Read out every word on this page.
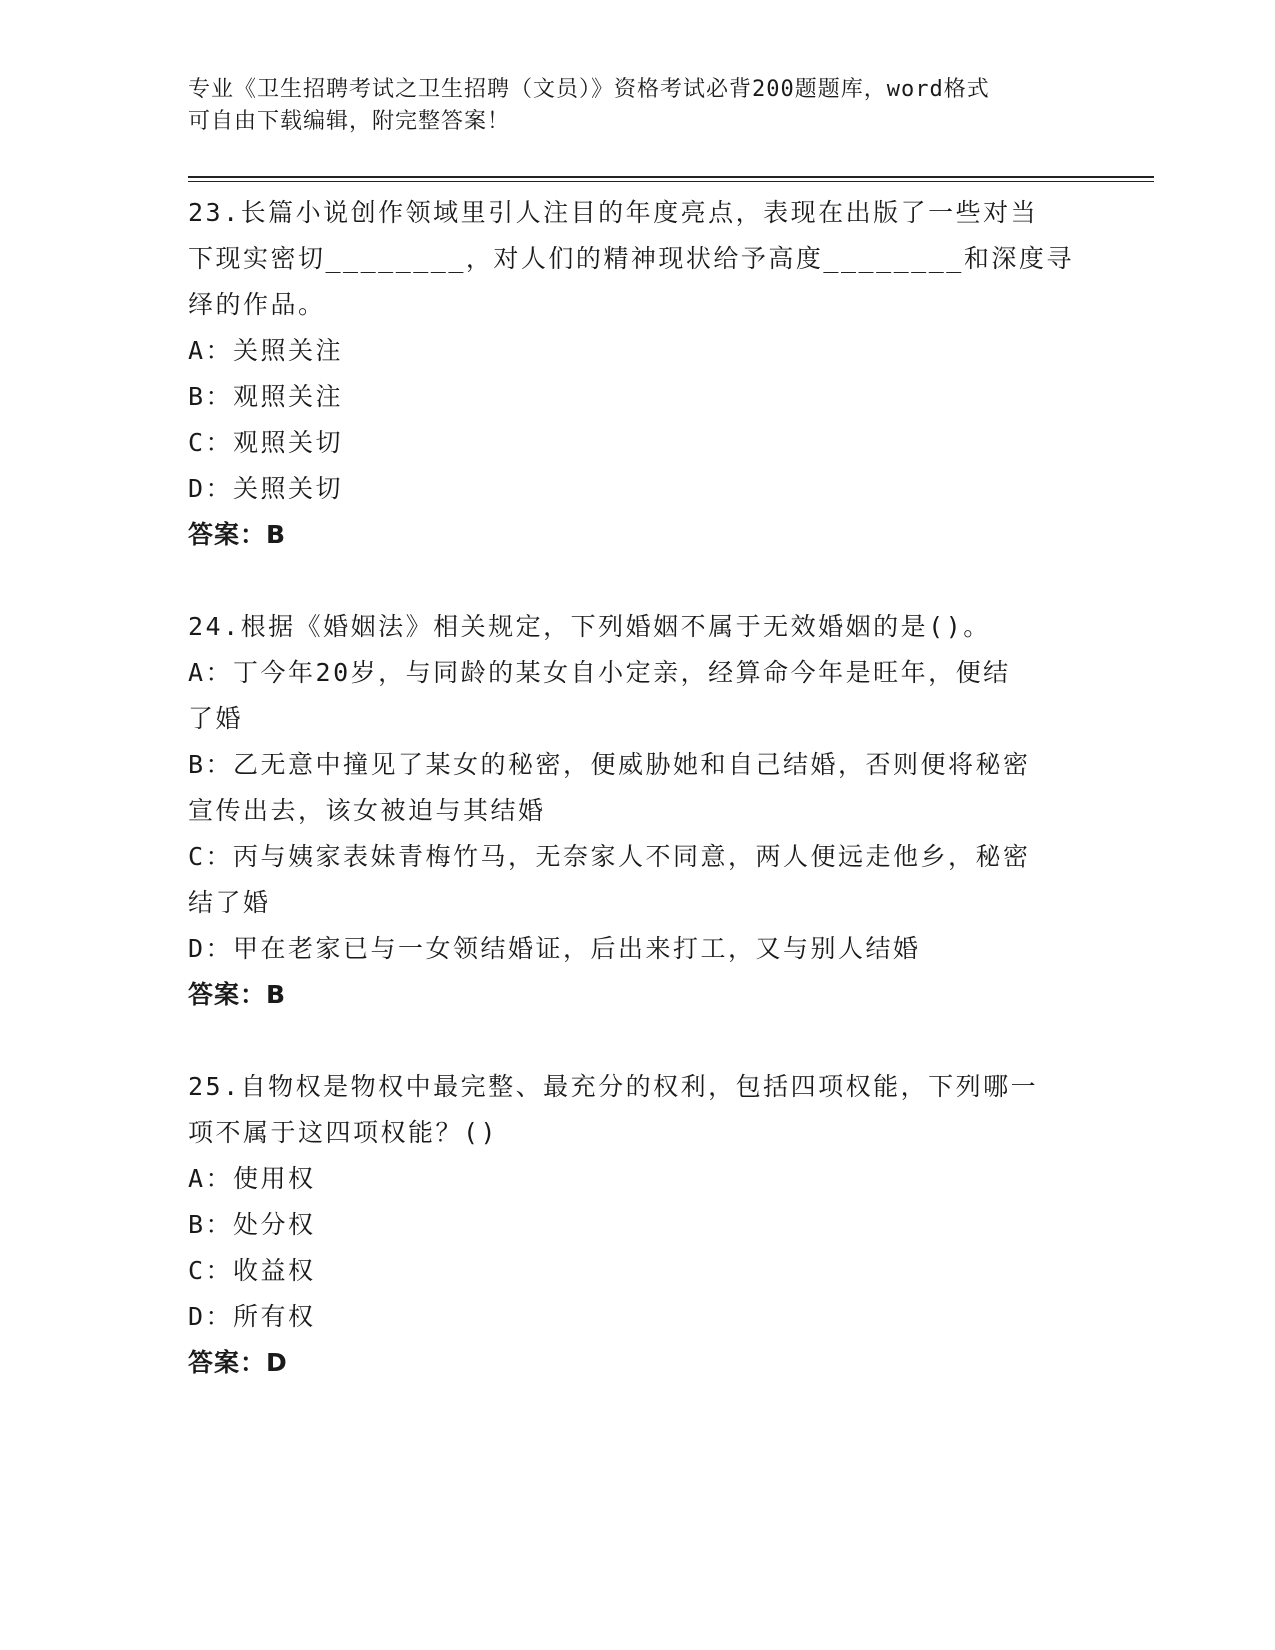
专业《卫生招聘考试之卫生招聘（文员）》资格考试必背200题题库，word格式
可自由下载编辑，附完整答案！
23.长篇小说创作领域里引人注目的年度亮点，表现在出版了一些对当
下现实密切________，对人们的精神现状给予高度________和深度寻
绎的作品。
A：关照关注
B：观照关注
C：观照关切
D：关照关切
答案：B
24.根据《婚姻法》相关规定，下列婚姻不属于无效婚姻的是()。
A：丁今年20岁，与同龄的某女自小定亲，经算命今年是旺年，便结
了婚
B：乙无意中撞见了某女的秘密，便威胁她和自己结婚，否则便将秘密
宣传出去，该女被迫与其结婚
C：丙与姨家表妹青梅竹马，无奈家人不同意，两人便远走他乡，秘密
结了婚
D：甲在老家已与一女领结婚证，后出来打工，又与别人结婚
答案：B
25.自物权是物权中最完整、最充分的权利，包括四项权能，下列哪一
项不属于这四项权能？()
A：使用权
B：处分权
C：收益权
D：所有权
答案：D
